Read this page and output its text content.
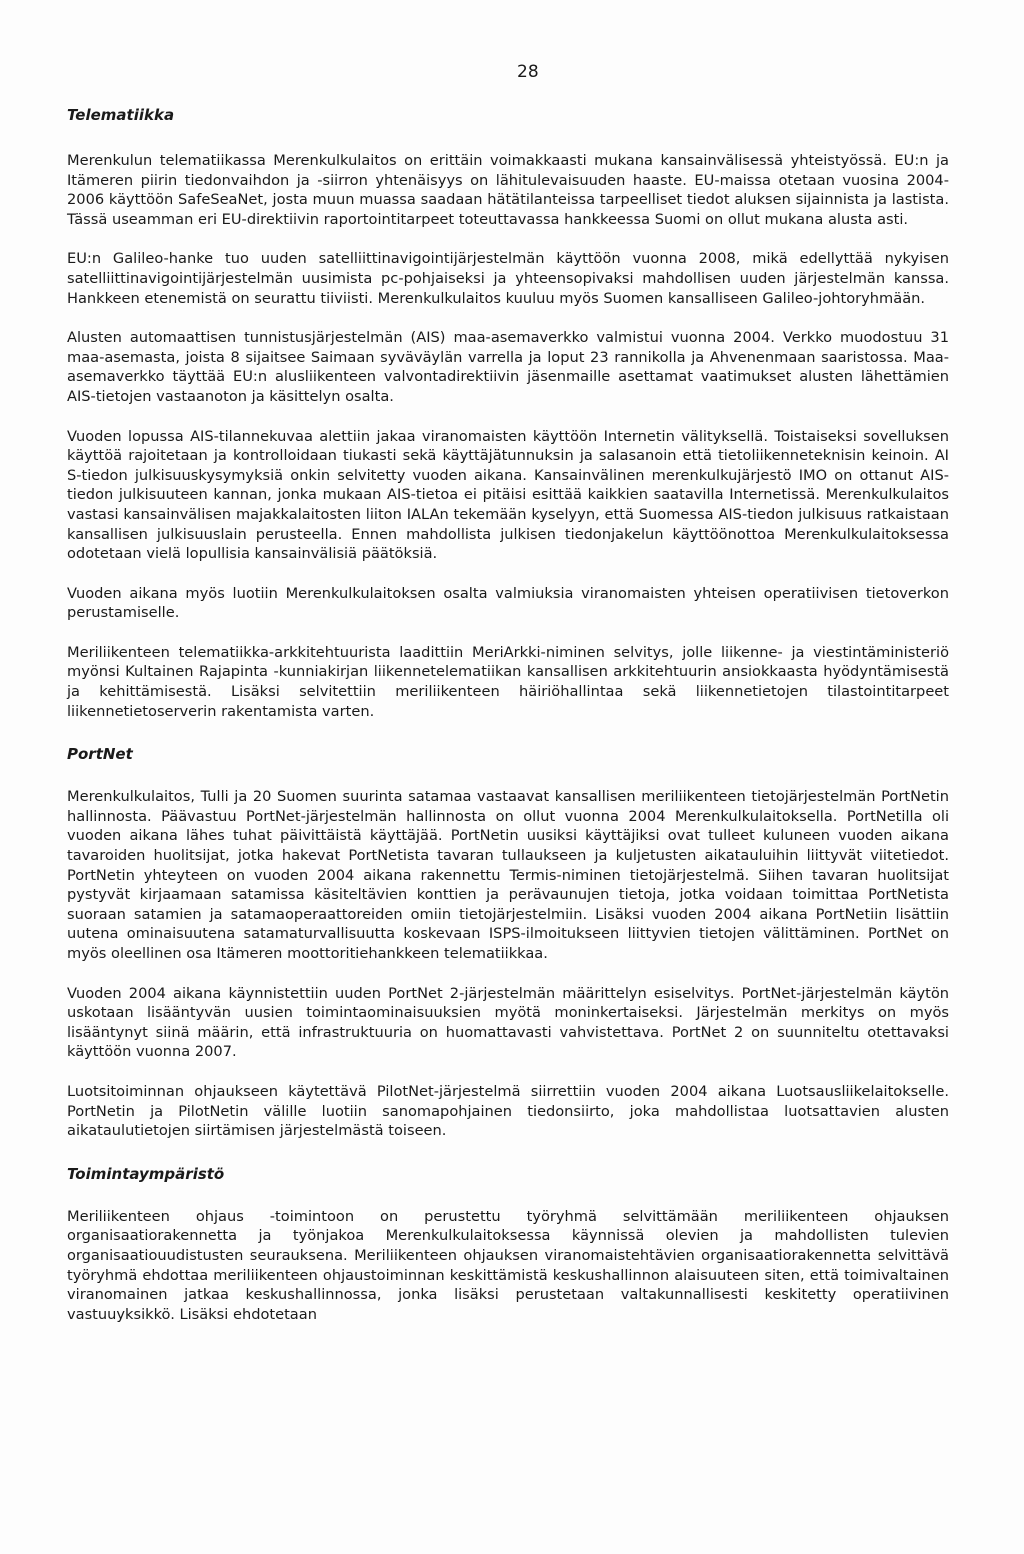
28
Telematiikka

Merenkulun telematiikassa Merenkulkulaitos on erittäin voimakkaasti mukana kansainvälisessä yhteistyössä. EU:n ja Itämeren piirin tiedonvaihdon ja -siirron yhtenäisyys on lähitulevaisuuden haaste. EU-maissa otetaan vuosina 2004-2006 käyttöön SafeSeaNet, josta muun muassa saadaan hätätilanteissa tarpeelliset tiedot aluksen sijainnista ja lastista. Tässä useamman eri EU-direktiivin raportointitarpeet toteuttavassa hankkeessa Suomi on ollut mukana alusta asti.

EU:n Galileo-hanke tuo uuden satelliittinavigointijärjestelmän käyttöön vuonna 2008, mikä edellyttää nykyisen satelliittinavigointijärjestelmän uusimista pc-pohjaiseksi ja yhteensopivaksi mahdollisen uuden järjestelmän kanssa. Hankkeen etenemistä on seurattu tiiviisti. Merenkulkulaitos kuuluu myös Suomen kansalliseen Galileo-johtoryhmään.

Alusten automaattisen tunnistusjärjestelmän (AIS) maa-asemaverkko valmistui vuonna 2004. Verkko muodostuu 31 maa-asemasta, joista 8 sijaitsee Saimaan syväväylän varrella ja loput 23 rannikolla ja Ahvenenmaan saaristossa. Maa-asemaverkko täyttää EU:n alusliikenteen valvontadirektiivin jäsenmaille asettamat vaatimukset alusten lähettämien AIS-tietojen vastaanoton ja käsittelyn osalta.

Vuoden lopussa AIS-tilannekuvaa alettiin jakaa viranomaisten käyttöön Internetin välityksellä. Toistaiseksi sovelluksen käyttöä rajoitetaan ja kontrolloidaan tiukasti sekä käyttäjätunnuksin ja salasanoin että tietoliikenneteknisin keinoin. AI S-tiedon julkisuuskysymyksiä onkin selvitetty vuoden aikana. Kansainvälinen merenkulkujärjestö IMO on ottanut AIS-tiedon julkisuuteen kannan, jonka mukaan AIS-tietoa ei pitäisi esittää kaikkien saatavilla Internetissä. Merenkulkulaitos vastasi kansainvälisen majakkalaitosten liiton IALAn tekemään kyselyyn, että Suomessa AIS-tiedon julkisuus ratkaistaan kansallisen julkisuuslain perusteella. Ennen mahdollista julkisen tiedonjakelun käyttöönottoa Merenkulkulaitoksessa odotetaan vielä lopullisia kansainvälisiä päätöksiä.

Vuoden aikana myös luotiin Merenkulkulaitoksen osalta valmiuksia viranomaisten yhteisen operatiivisen tietoverkon perustamiselle.

Meriliikenteen telematiikka-arkkitehtuurista laadittiin MeriArkki-niminen selvitys, jolle liikenne- ja viestintäministeriö myönsi Kultainen Rajapinta -kunniakirjan liikennetelematiikan kansallisen arkkitehtuurin ansiokkaasta hyödyntämisestä ja kehittämisestä. Lisäksi selvitettiin meriliikenteen häiriöhallintaa sekä liikennetietojen tilastointitarpeet liikennetietoserverin rakentamista varten.

PortNet

Merenkulkulaitos, Tulli ja 20 Suomen suurinta satamaa vastaavat kansallisen meriliikenteen tietojärjestelmän PortNetin hallinnosta. Päävastuu PortNet-järjestelmän hallinnosta on ollut vuonna 2004 Merenkulkulaitoksella. PortNetilla oli vuoden aikana lähes tuhat päivittäistä käyttäjää. PortNetin uusiksi käyttäjiksi ovat tulleet kuluneen vuoden aikana tavaroiden huolitsijat, jotka hakevat PortNetista tavaran tullaukseen ja kuljetusten aikatauluihin liittyvät viitetiedot. PortNetin yhteyteen on vuoden 2004 aikana rakennettu Termis-niminen tietojärjestelmä. Siihen tavaran huolitsijat pystyvät kirjaamaan satamissa käsiteltävien konttien ja perävaunujen tietoja, jotka voidaan toimittaa PortNetista suoraan satamien ja satamaoperaattoreiden omiin tietojärjestelmiin. Lisäksi vuoden 2004 aikana PortNetiin lisättiin uutena ominaisuutena satamaturvallisuutta koskevaan ISPS-ilmoitukseen liittyvien tietojen välittäminen. PortNet on myös oleellinen osa Itämeren moottoritiehankkeen telematiikkaa.

Vuoden 2004 aikana käynnistettiin uuden PortNet 2-järjestelmän määrittelyn esiselvitys. PortNet-järjestelmän käytön uskotaan lisääntyvän uusien toimintaominaisuuksien myötä moninkertaiseksi. Järjestelmän merkitys on myös lisääntynyt siinä määrin, että infrastruktuuria on huomattavasti vahvistettava. PortNet 2 on suunniteltu otettavaksi käyttöön vuonna 2007.

Luotsitoiminnan ohjaukseen käytettävä PilotNet-järjestelmä siirrettiin vuoden 2004 aikana Luotsausliikelaitokselle. PortNetin ja PilotNetin välille luotiin sanomapohjainen tiedonsiirto, joka mahdollistaa luotsattavien alusten aikataulutietojen siirtämisen järjestelmästä toiseen.

Toimintaympäristö

Meriliikenteen ohjaus -toimintoon on perustettu työryhmä selvittämään meriliikenteen ohjauksen organisaatiorakennetta ja työnjakoa Merenkulkulaitoksessa käynnissä olevien ja mahdollisten tulevien organisaatiouudistusten seurauksena. Meriliikenteen ohjauksen viranomaistehtävien organisaatiorakennetta selvittävä työryhmä ehdottaa meriliikenteen ohjaustoiminnan keskittämistä keskushallinnon alaisuuteen siten, että toimivaltainen viranomainen jatkaa keskushallinnossa, jonka lisäksi perustetaan valtakunnallisesti keskitetty operatiivinen vastuuyksikkö. Lisäksi ehdotetaan
